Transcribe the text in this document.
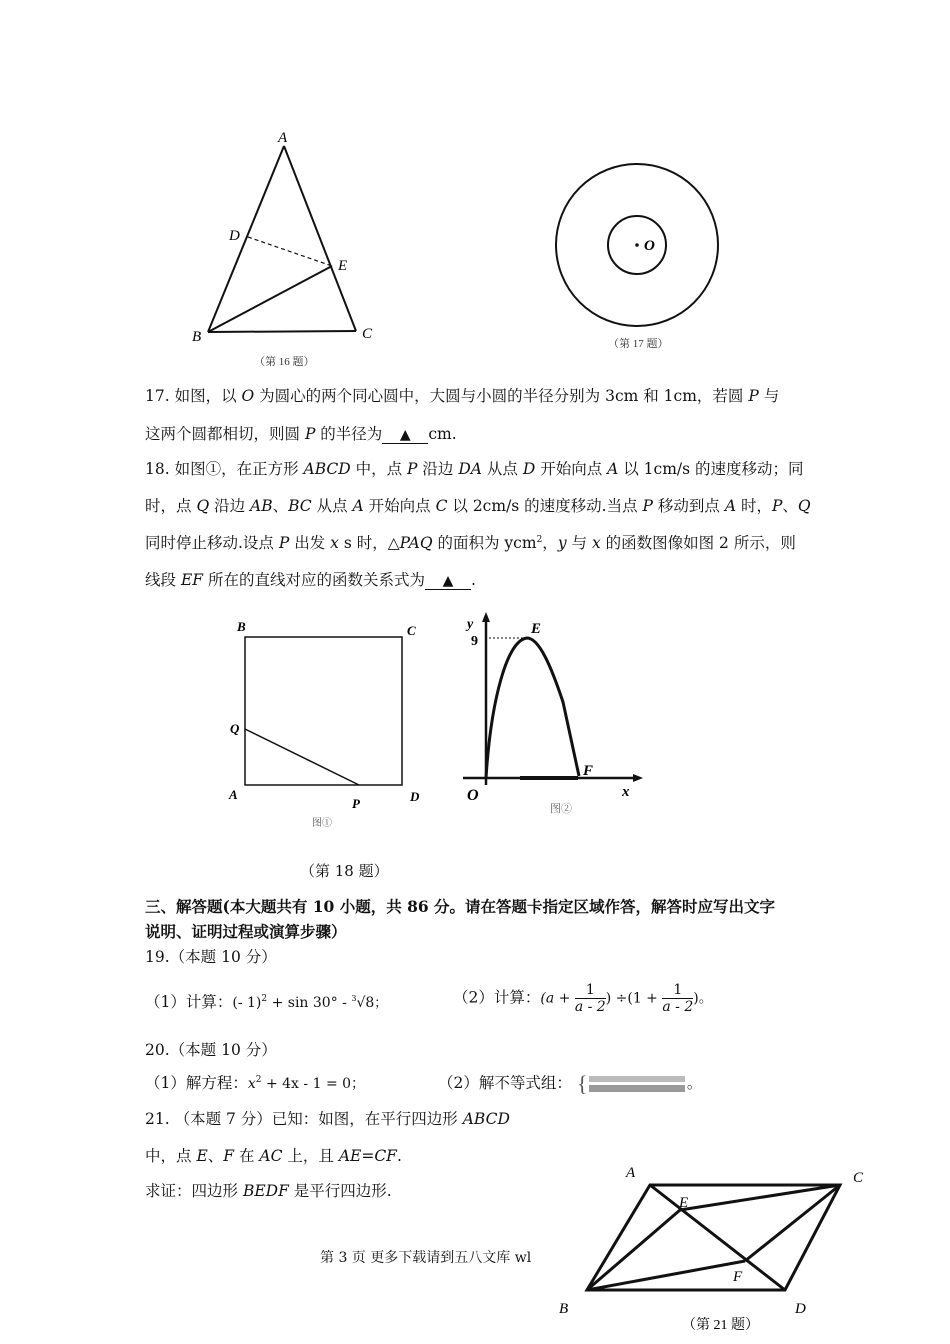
A
D
E
B	C
（第 16 题）
O
（第 17 题）
17. 如图，以 O 为圆心的两个同心圆中，大圆与小圆的半径分别为 3cm 和 1cm，若圆 P 与
这两个圆都相切，则圆 P 的半径为 ▲ cm.
18. 如图①，在正方形 ABCD 中，点 P 沿边 DA 从点 D 开始向点 A 以 1cm/s 的速度移动；同
时，点 Q 沿边 AB、BC 从点 A 开始向点 C 以 2cm/s 的速度移动.当点 P 移动到点 A 时，P、Q
同时停止移动.设点 P 出发 x s 时，△PAQ 的面积为 ycm$^2$，y 与 x 的函数图像如图 2 所示，则
线段 EF 所在的直线对应的函数关系式为 ▲ .
B	C
Q
A
P	D
图①
y
9
E
F
O	x
图②
（第 18 题）
三、解答题(本大题共有 10 小题，共 86 分。请在答题卡指定区域作答，解答时应写出文字
说明、证明过程或演算步骤）
19.（本题 10 分）
（1）计算：(- 1)$^2$ + sin 30° - $^3$√8；	（2）计算：($a + \frac{1}{a - 2}$ ) $\div(1 + \frac{1}{a - 2}$ )。
20.（本题 10 分）
（1）解方程：$x^2 + 4x - 1 = 0$；	（2）解不等式组： {	。
21. （本题 7 分）已知：如图，在平行四边形 ABCD
中，点 E、F 在 AC 上，且 AE=CF.
求证：四边形 BEDF 是平行四边形.
A	C
E
F
B	D
（第 21 题）
第 3 页 更多下载请到五八文库 wl
